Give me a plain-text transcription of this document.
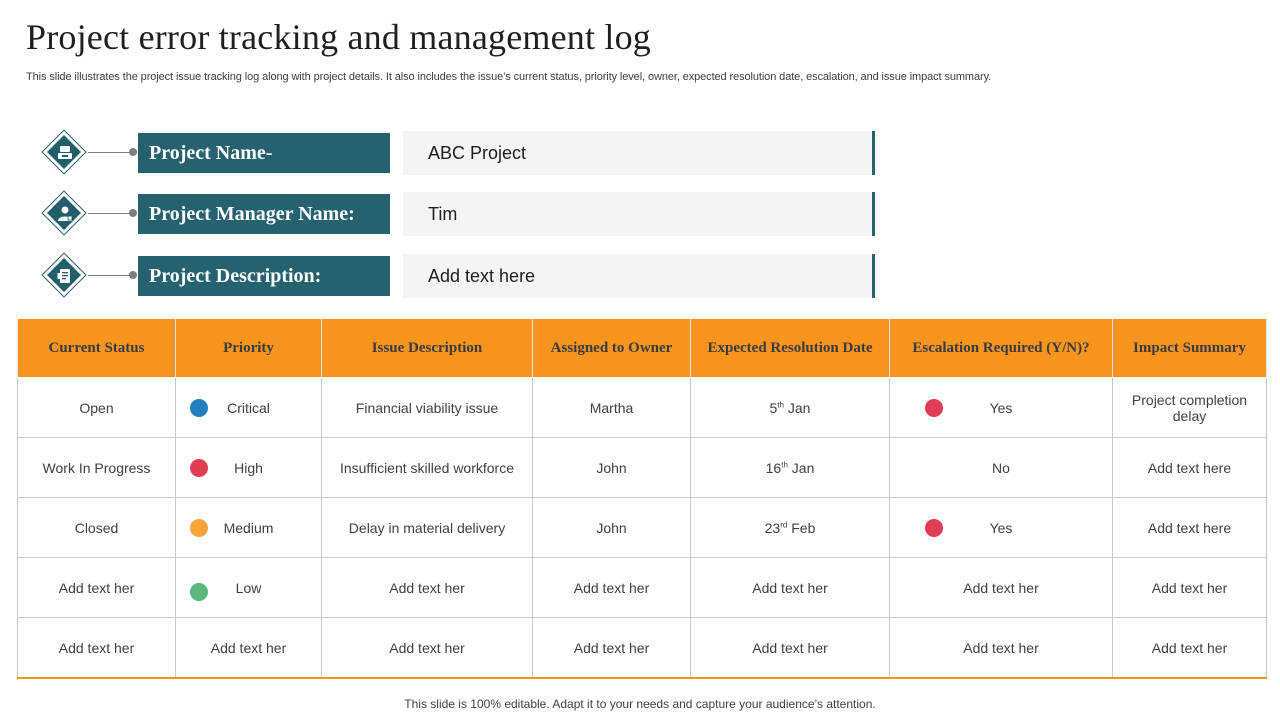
Project error tracking and management log

This slide illustrates the project issue tracking log along with project details. It also includes the issue’s current status, priority level, owner, expected resolution date, escalation, and issue impact summary.

Project Name-	ABC Project
Project Manager Name:	Tim
Project Description:	Add text here
Current Status	Priority	Issue Description	Assigned to Owner	Expected Resolution Date	Escalation Required (Y/N)?	Impact Summary
Open	Critical	Financial viability issue	Martha	5th Jan	Yes	Project completion delay
Work In Progress	High	Insufficient skilled workforce	John	16th Jan	No	Add text here
Closed	Medium	Delay in material delivery	John	23rd Feb	Yes	Add text here
Add text her	Low	Add text her	Add text her	Add text her	Add text her	Add text her
Add text her	Add text her	Add text her	Add text her	Add text her	Add text her	Add text her

This slide is 100% editable. Adapt it to your needs and capture your audience’s attention.
